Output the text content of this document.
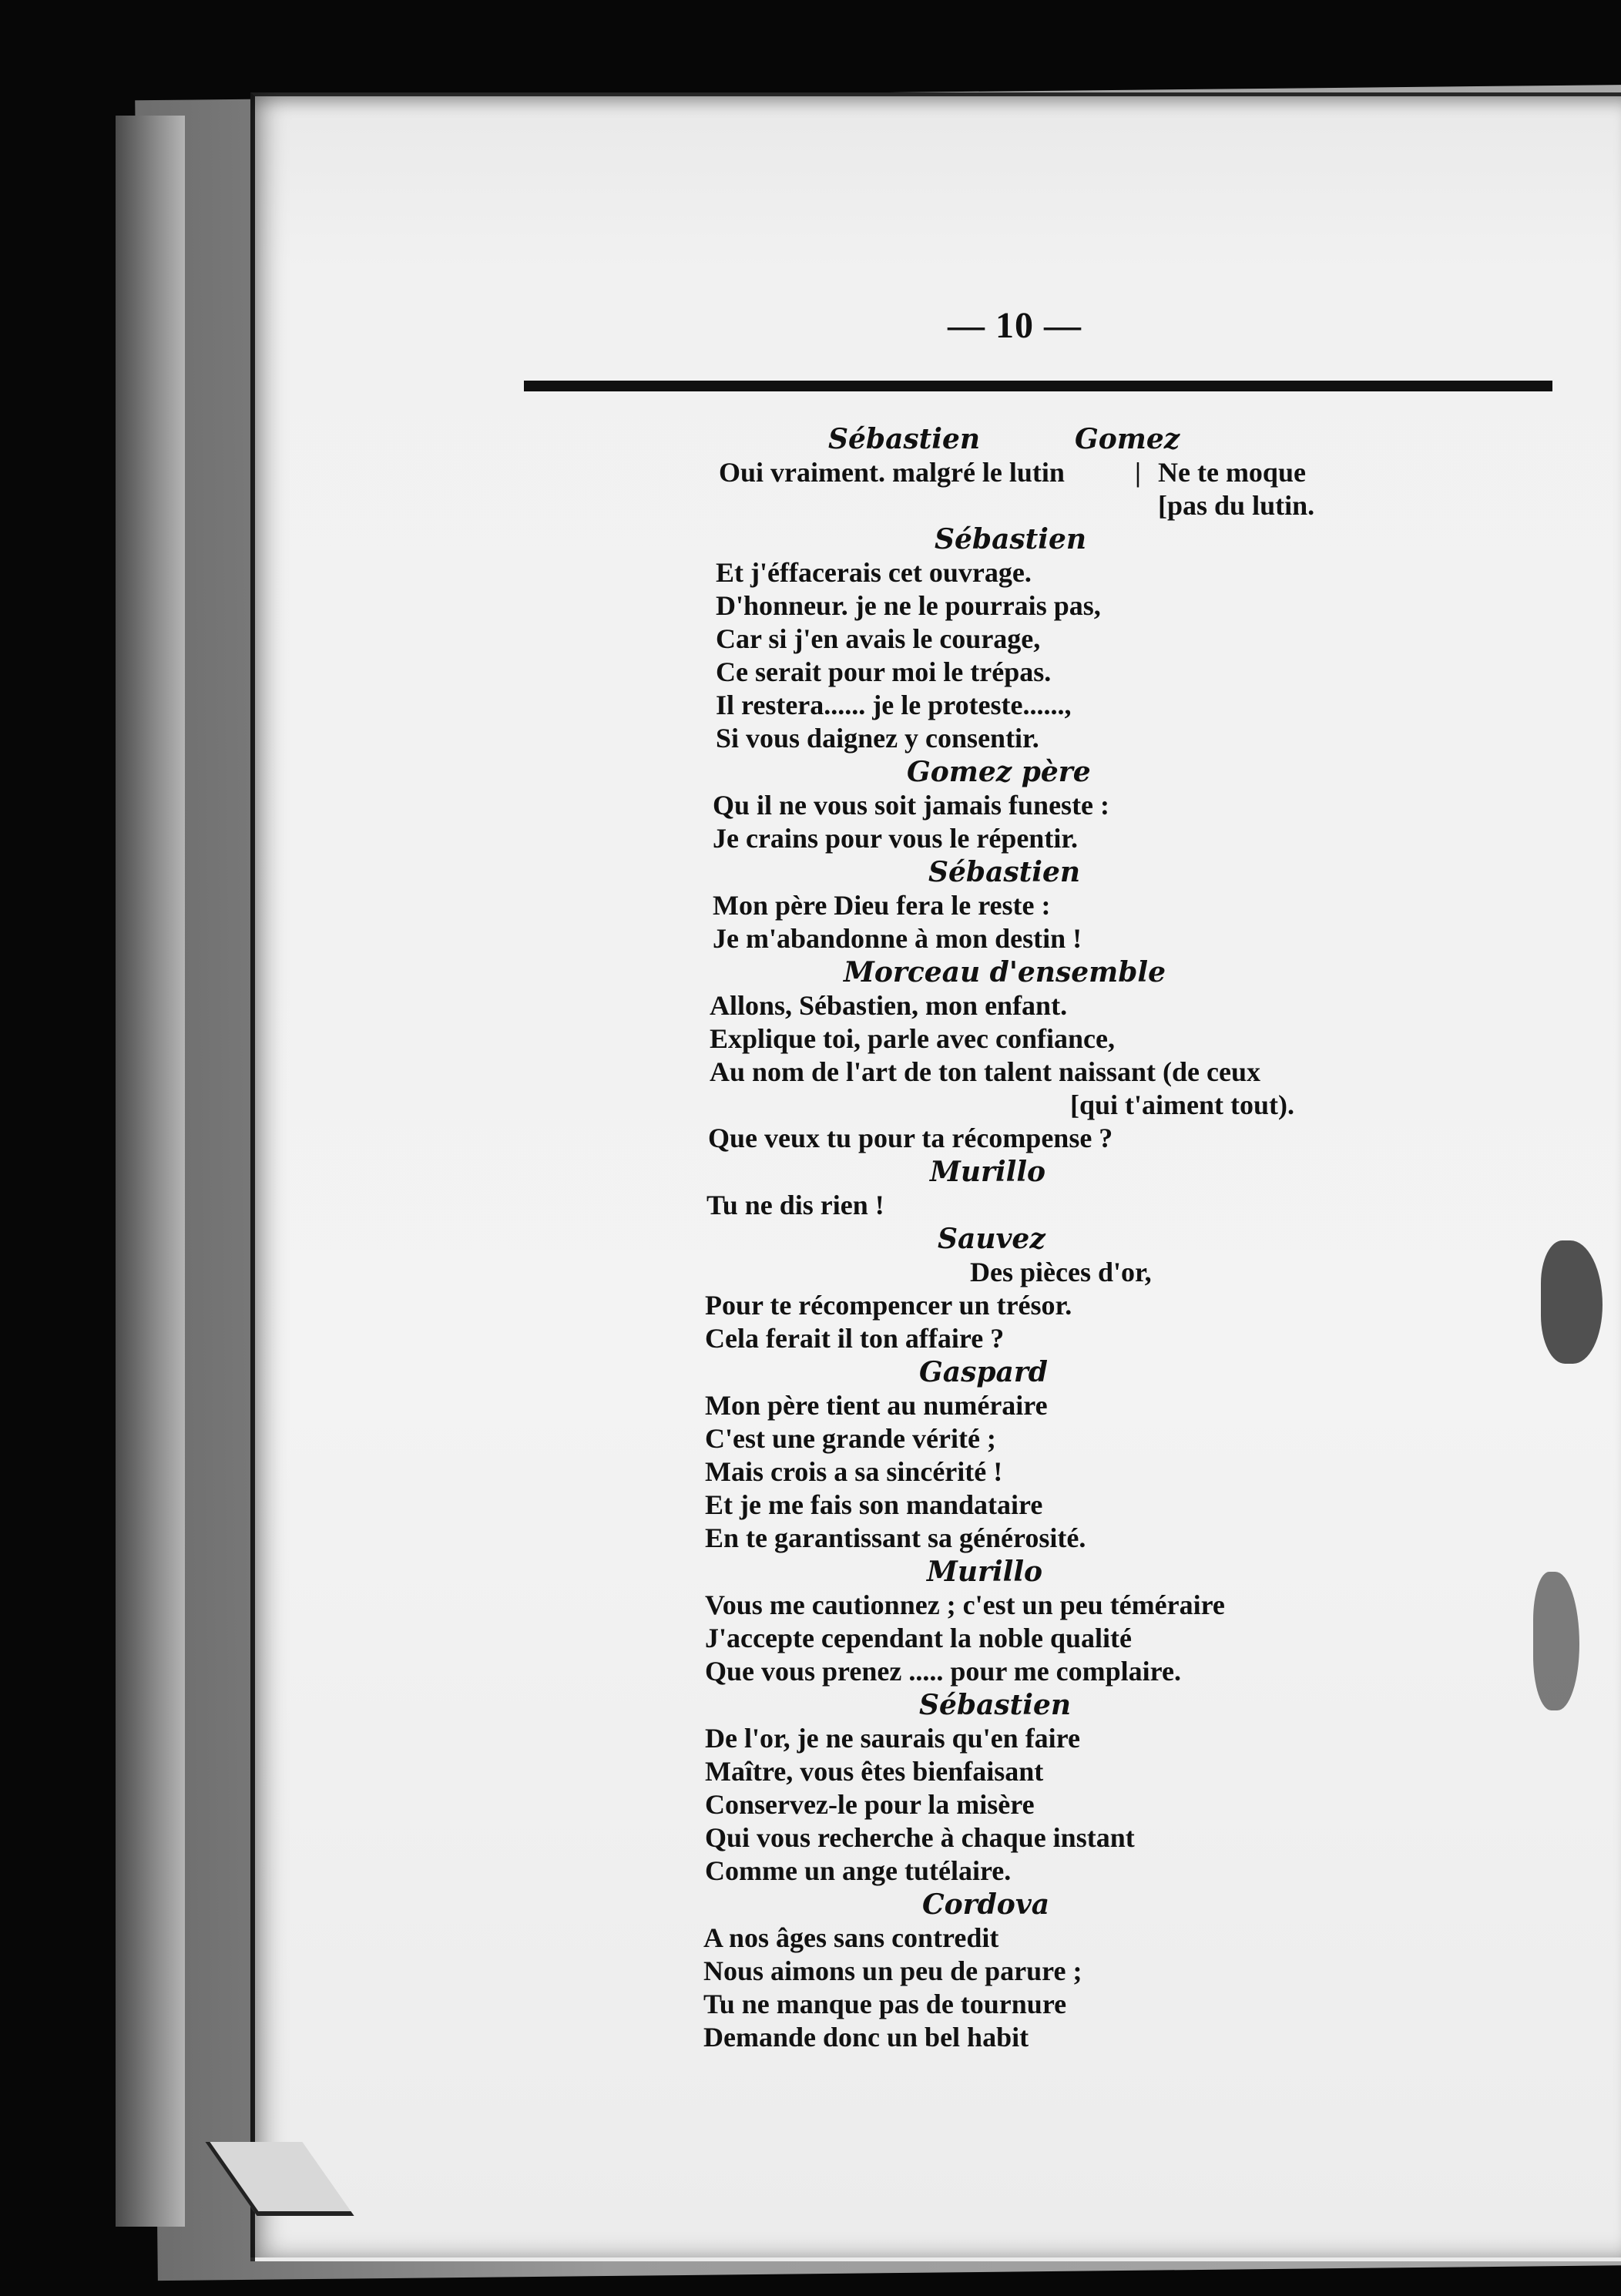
— 10 —
Sébastien	Gomez
Oui vraiment. malgré le lutin	| Ne te moque
[pas du lutin.
Sébastien
Et j'éffacerais cet ouvrage.
D'honneur. je ne le pourrais pas,
Car si j'en avais le courage,
Ce serait pour moi le trépas.
Il restera...... je le proteste......,
Si vous daignez y consentir.
Gomez père
Qu il ne vous soit jamais funeste :
Je crains pour vous le répentir.
Sébastien
Mon père Dieu fera le reste :
Je m'abandonne à mon destin !
Morceau d'ensemble
Allons, Sébastien, mon enfant.
Explique toi, parle avec confiance,
Au nom de l'art de ton talent naissant (de ceux
[qui t'aiment tout).
Que veux tu pour ta récompense ?
Murillo
Tu ne dis rien !
Sauvez
Des pièces d'or,
Pour te récompencer un trésor.
Cela ferait il ton affaire ?
Gaspard
Mon père tient au numéraire
C'est une grande vérité ;
Mais crois a sa sincérité !
Et je me fais son mandataire
En te garantissant sa générosité.
Murillo
Vous me cautionnez ; c'est un peu téméraire
J'accepte cependant la noble qualité
Que vous prenez ..... pour me complaire.
Sébastien
De l'or, je ne saurais qu'en faire
Maître, vous êtes bienfaisant
Conservez-le pour la misère
Qui vous recherche à chaque instant
Comme un ange tutélaire.
Cordova
A nos âges sans contredit
Nous aimons un peu de parure ;
Tu ne manque pas de tournure
Demande donc un bel habit
